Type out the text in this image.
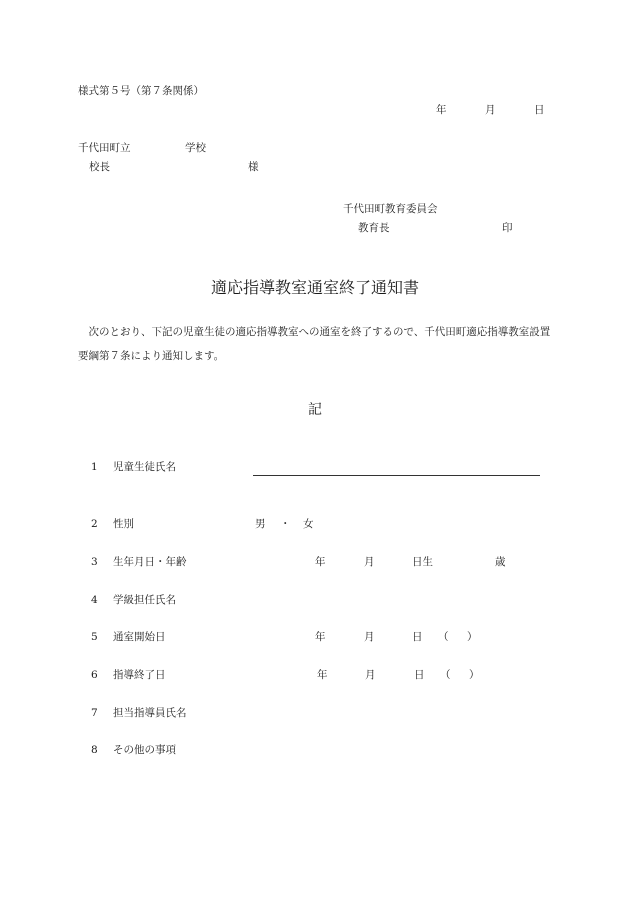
様式第５号（第７条関係）
年	月	日
千代田町立	学校
校長	様
千代田町教育委員会
教育長	印
適応指導教室通室終了通知書
次のとおり、下記の児童生徒の適応指導教室への通室を終了するので、千代田町適応指導教室設置要綱第７条により通知します。
記
1 児童生徒氏名
2 性別	男 ・ 女
3 生年月日・年齢	年	月	日生	歳
4 学級担任氏名
5 通室開始日	年	月	日 （ ）
6 指導終了日	年	月	日 （ ）
7 担当指導員氏名
8 その他の事項
